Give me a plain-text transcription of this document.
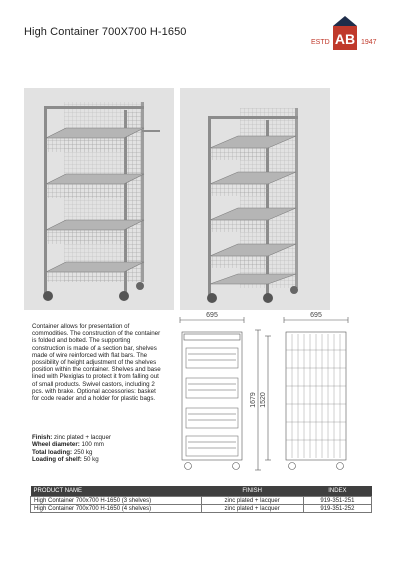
High Container 700X700 H-1650	AB
ESTD	1947
Container allows for presentation of commodities. The construction of the container is folded and bolted. The supporting construction is made of a section bar, shelves made of wire reinforced with flat bars. The possibility of height adjustment of the shelves position within the container. Shelves and base lined with Plexiglas to protect it from falling out of small products. Swivel castors, including 2 pcs. with brake. Optional accessories: basket for code reader and a holder for plastic bags.
Finish: zinc plated + lacquer
Wheel diameter: 100 mm
Total loading: 250 kg
Loading of shelf: 50 kg
695	695
1679 1520
PRODUCT NAME	FINISH	INDEX
High Container 700x700 H-1650 (3 shelves)	zinc plated + lacquer	919-351-251
High Container 700x700 H-1650 (4 shelves)	zinc plated + lacquer	919-351-252
